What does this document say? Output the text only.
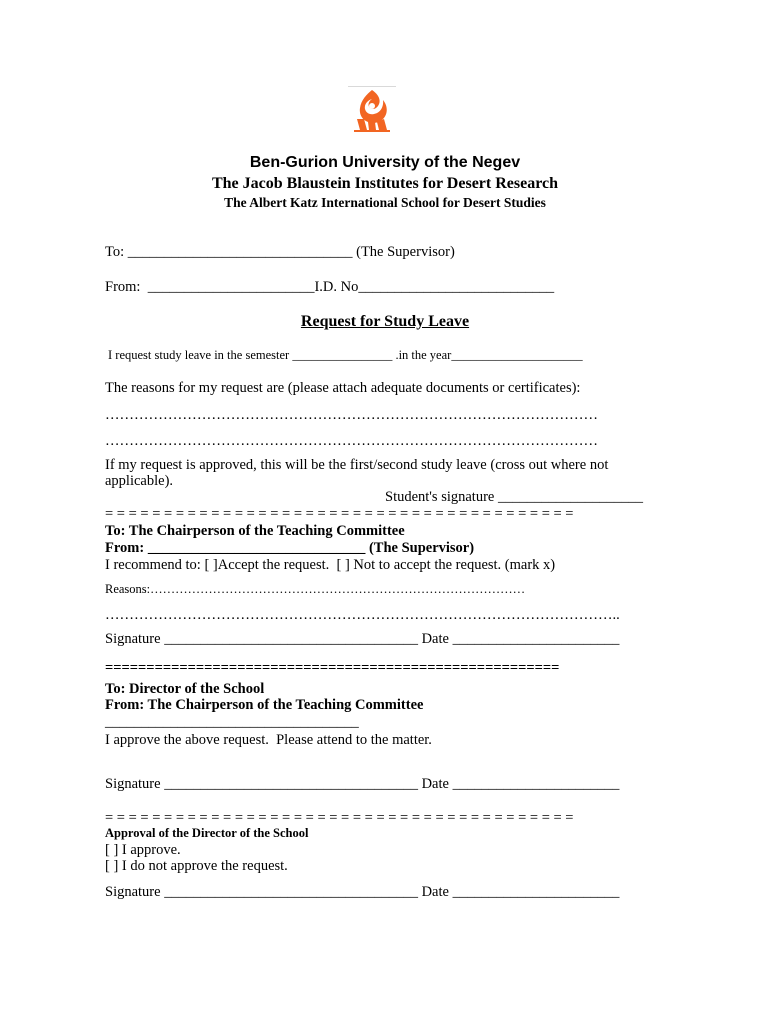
Ben-Gurion University of the Negev
The Jacob Blaustein Institutes for Desert Research
The Albert Katz International School for Desert Studies
To: _______________________________ (The Supervisor)
From:  _______________________I.D. No___________________________
Request for Study Leave
I request study leave in the semester ________________ .in the year_____________________
The reasons for my request are (please attach adequate documents or certificates):
…………………………………………………………………………………………
…………………………………………………………………………………………
If my request is approved, this will be the first/second study leave (cross out where not
applicable).
Student's signature ____________________
= = = = = = = = = = = = = = = = = = = = = = = = = = = = = = = = = = = = = = = =
To: The Chairperson of the Teaching Committee
From: ______________________________ (The Supervisor)
I recommend to: [ ]Accept the request.  [ ] Not to accept the request. (mark x)
Reasons:………………………………………………………………………………
……………………………………………………………………………………………..
Signature ___________________________________ Date _______________________
=======================================================
To: Director of the School
From: The Chairperson of the Teaching Committee
___________________________________
I approve the above request.  Please attend to the matter.
Signature ___________________________________ Date _______________________
= = = = = = = = = = = = = = = = = = = = = = = = = = = = = = = = = = = = = = = =
Approval of the Director of the School
[ ] I approve.
[ ] I do not approve the request.
Signature ___________________________________ Date _______________________
